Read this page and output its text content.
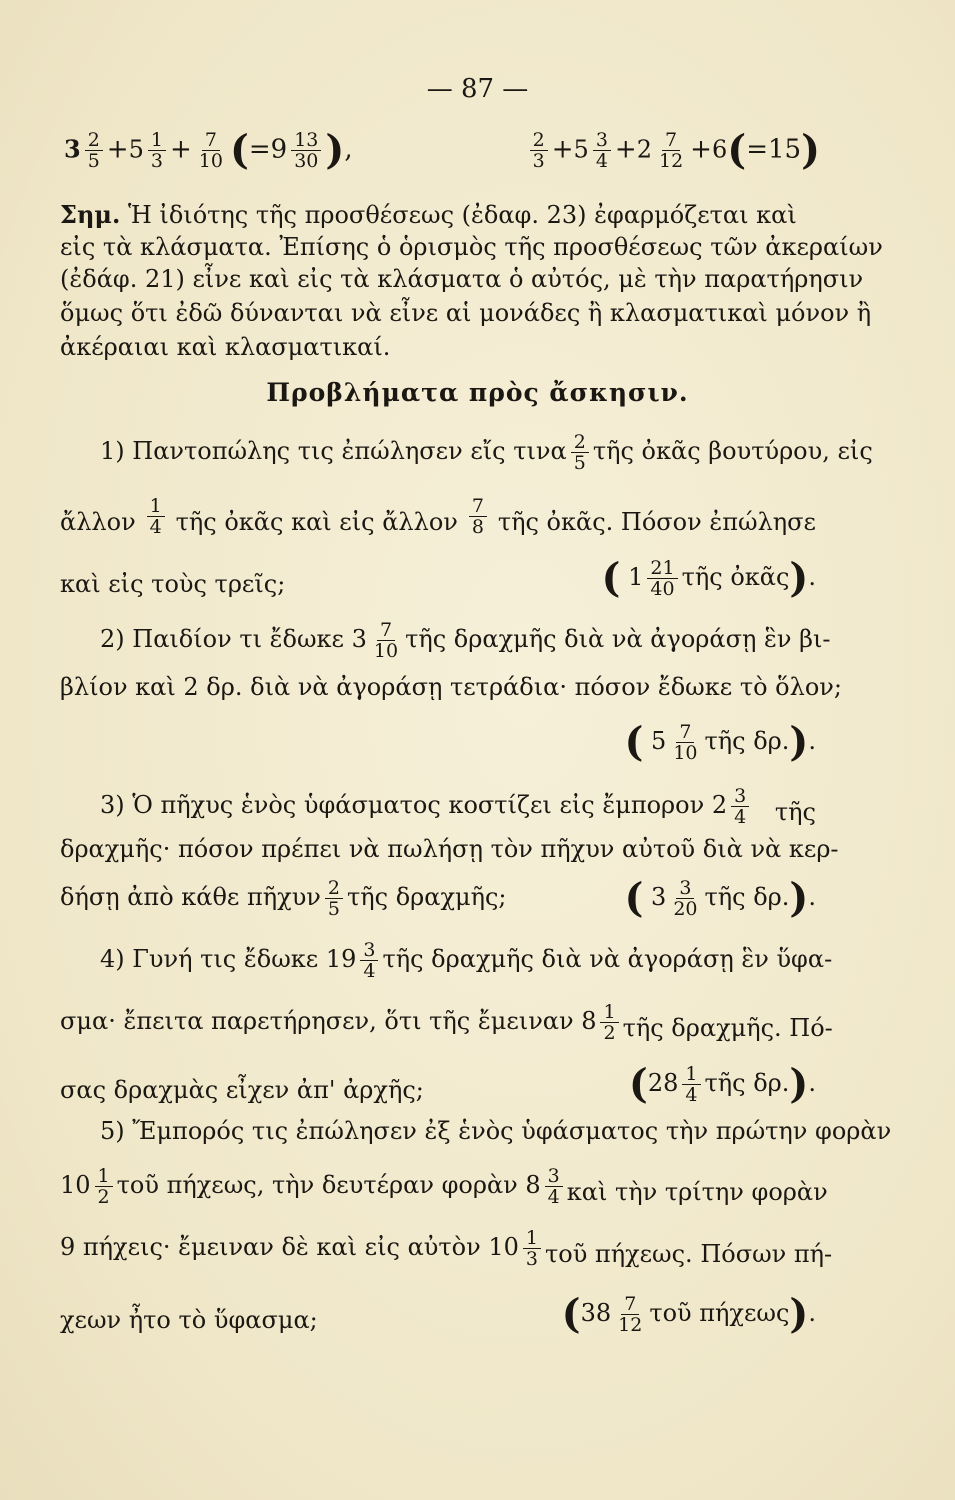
— 87 —
$3 \frac{2}{5} +5 \frac{1}{3} + \frac{7}{10} (=9 \frac{13}{30}$ ),	$\frac{2}{3} +5 \frac{3}{4} +2 \frac{7}{12} +6(=15)$
Σημ. Ἡ ἰδιότης τῆς προσθέσεως (ἐδαφ. 23) ἐφαρμόζεται καὶ
εἰς τὰ κλάσματα. Ἐπίσης ὁ ὁρισμὸς τῆς προσθέσεως τῶν ἀκεραίων
(ἐδάφ. 21) εἶνε καὶ εἰς τὰ κλάσματα ὁ αὐτός, μὲ τὴν παρατήρησιν
ὅμως ὅτι ἐδῶ δύνανται νὰ εἶνε αἱ μονάδες ἢ κλασματικαὶ μόνον ἢ
ἀκέραιαι καὶ κλασματικαί.
Προβλήματα πρὸς ἄσκησιν.
1) Παντοπώλης τις ἐπώλησεν εἴς τινα $\frac{2}{5}$ τῆς ὀκᾶς βουτύρου, εἰς
ἄλλον $\frac{1}{4}$ τῆς ὀκᾶς καὶ εἰς ἄλλον $\frac{7}{8}$ τῆς ὀκᾶς. Πόσον ἐπώλησε
καὶ εἰς τοὺς τρεῖς;	( $1 \frac{21}{40}$ τῆς ὀκᾶς).
2) Παιδίον τι ἔδωκε $3 \frac{7}{10}$ τῆς δραχμῆς διὰ νὰ ἀγοράσῃ ἓν βι-
βλίον καὶ 2 δρ. διὰ νὰ ἀγοράσῃ τετράδια· πόσον ἔδωκε τὸ ὅλον;
( $5 \frac{7}{10}$ τῆς δρ.).
3) Ὁ πῆχυς ἑνὸς ὑφάσματος κοστίζει εἰς ἔμπορον $2 \frac{3}{4}$ τῆς
δραχμῆς· πόσον πρέπει νὰ πωλήσῃ τὸν πῆχυν αὐτοῦ διὰ νὰ κερ-
δήσῃ ἀπὸ κάθε πῆχυν $\frac{2}{5}$ τῆς δραχμῆς;	( $3 \frac{3}{20}$ τῆς δρ.).
4) Γυνή τις ἔδωκε $19 \frac{3}{4}$ τῆς δραχμῆς διὰ νὰ ἀγοράσῃ ἓν ὕφα-
σμα· ἔπειτα παρετήρησεν, ὅτι τῆς ἔμειναν $8 \frac{1}{2}$ τῆς δραχμῆς. Πό-
σας δραχμὰς εἶχεν ἀπ' ἀρχῆς;	($28 \frac{1}{4}$ τῆς δρ.).
5) Ἔμπορός τις ἐπώλησεν ἐξ ἑνὸς ὑφάσματος τὴν πρώτην φορὰν
$10 \frac{1}{2}$ τοῦ πήχεως, τὴν δευτέραν φορὰν $8 \frac{3}{4}$ καὶ τὴν τρίτην φορὰν
9 πήχεις· ἔμειναν δὲ καὶ εἰς αὐτὸν $10 \frac{1}{3}$ τοῦ πήχεως. Πόσων πή-
χεων ἦτο τὸ ὕφασμα;	($38 \frac{7}{12}$ τοῦ πήχεως).
